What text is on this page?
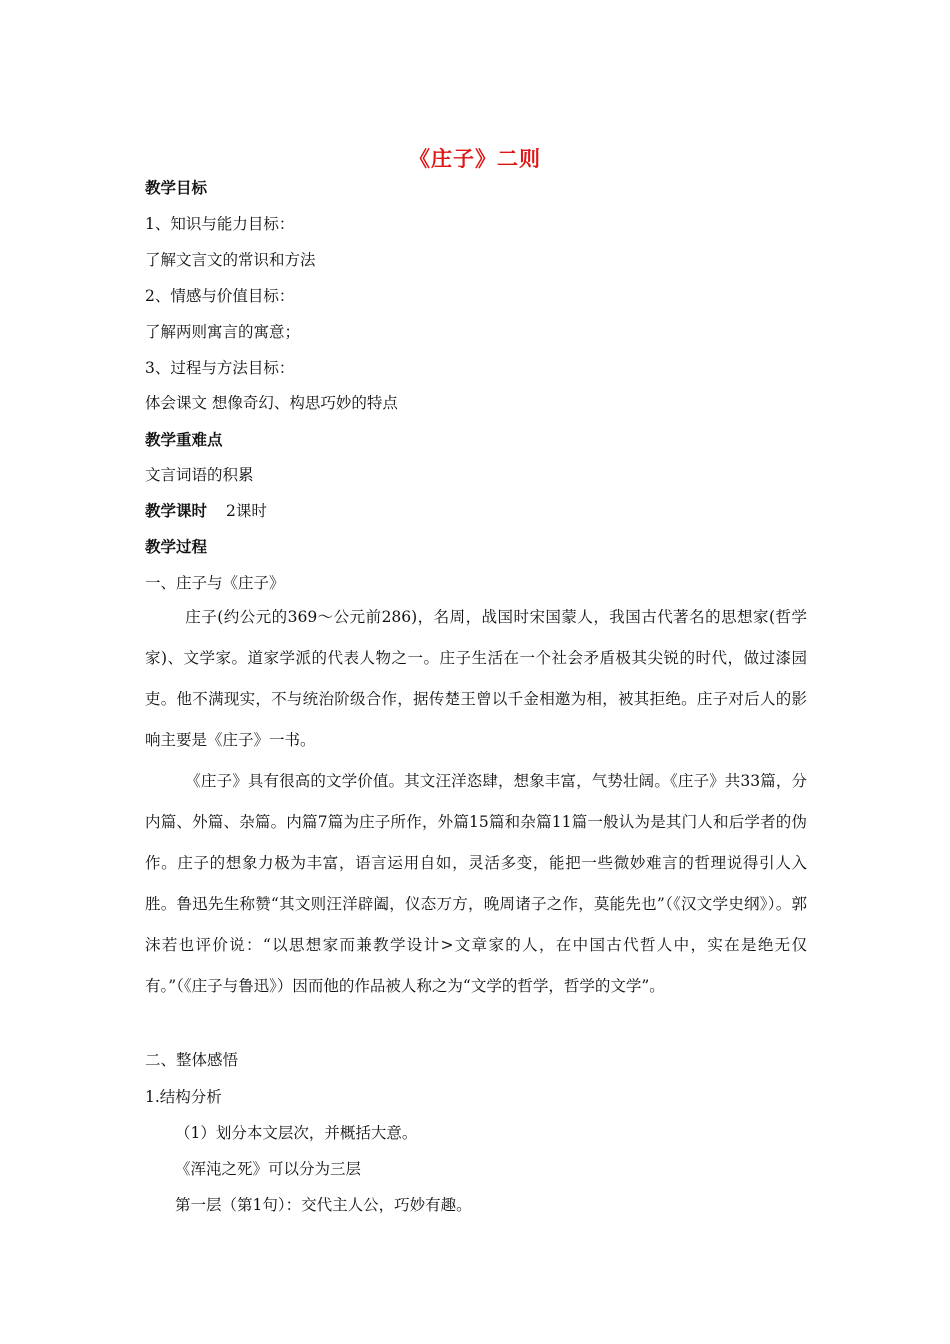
《庄子》二则
教学目标
1、知识与能力目标：
了解文言文的常识和方法
2、情感与价值目标：
了解两则寓言的寓意；
3、过程与方法目标：
体会课文 想像奇幻、构思巧妙的特点
教学重难点
文言词语的积累
教学课时 2课时
教学过程
一、庄子与《庄子》
庄子(约公元的369～公元前286)，名周，战国时宋国蒙人，我国古代著名的思想家(哲学家)、文学家。道家学派的代表人物之一。庄子生活在一个社会矛盾极其尖锐的时代，做过漆园吏。他不满现实，不与统治阶级合作，据传楚王曾以千金相邀为相，被其拒绝。庄子对后人的影响主要是《庄子》一书。
《庄子》具有很高的文学价值。其文汪洋恣肆，想象丰富，气势壮阔。《庄子》共33篇，分内篇、外篇、杂篇。内篇7篇为庄子所作，外篇15篇和杂篇11篇一般认为是其门人和后学者的伪作。庄子的想象力极为丰富，语言运用自如，灵活多变，能把一些微妙难言的哲理说得引人入胜。鲁迅先生称赞“其文则汪洋辟阖，仪态万方，晚周诸子之作，莫能先也”（《汉文学史纲》）。郭沫若也评价说：“以思想家而兼教学设计>文章家的人，在中国古代哲人中，实在是绝无仅有。”（《庄子与鲁迅》）因而他的作品被人称之为“文学的哲学，哲学的文学”。
二、整体感悟
1.结构分析
（1）划分本文层次，并概括大意。
《浑沌之死》可以分为三层
第一层（第1句）：交代主人公，巧妙有趣。
